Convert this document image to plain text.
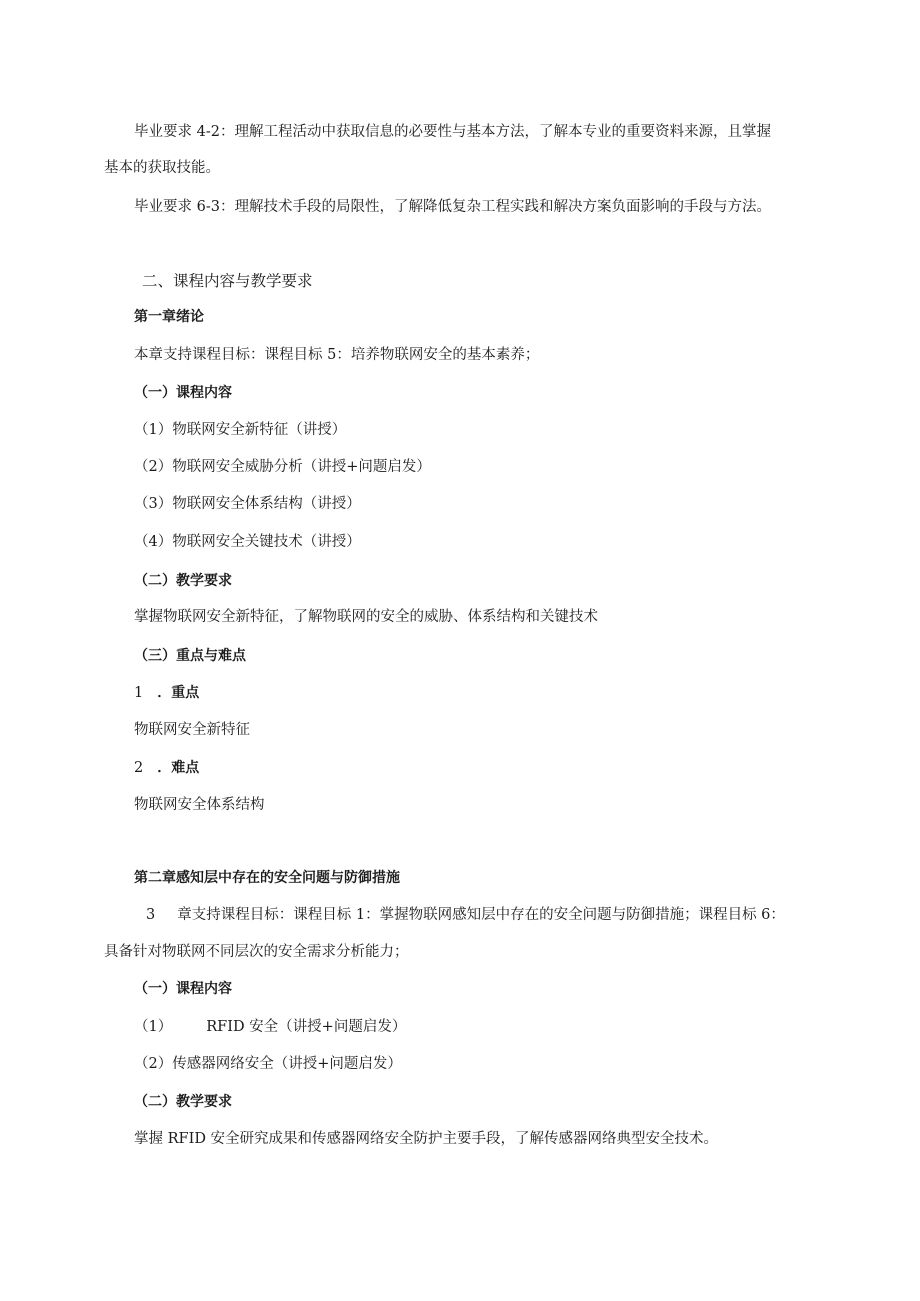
毕业要求 4-2：理解工程活动中获取信息的必要性与基本方法，了解本专业的重要资料来源，且掌握
基本的获取技能。
毕业要求 6-3：理解技术手段的局限性，了解降低复杂工程实践和解决方案负面影响的手段与方法。
二、课程内容与教学要求
第一章绪论
本章支持课程目标：课程目标 5：培养物联网安全的基本素养；
（一）课程内容
（1）物联网安全新特征（讲授）
（2）物联网安全威胁分析（讲授+问题启发）
（3）物联网安全体系结构（讲授）
（4）物联网安全关键技术（讲授）
（二）教学要求
掌握物联网安全新特征，了解物联网的安全的威胁、体系结构和关键技术
（三）重点与难点
1 ．重点
物联网安全新特征
2 ．难点
物联网安全体系结构
第二章感知层中存在的安全问题与防御措施
3 章支持课程目标：课程目标 1：掌握物联网感知层中存在的安全问题与防御措施；课程目标 6：
具备针对物联网不同层次的安全需求分析能力；
（一）课程内容
（1） RFID 安全（讲授+问题启发）
（2）传感器网络安全（讲授+问题启发）
（二）教学要求
掌握 RFID 安全研究成果和传感器网络安全防护主要手段，了解传感器网络典型安全技术。
